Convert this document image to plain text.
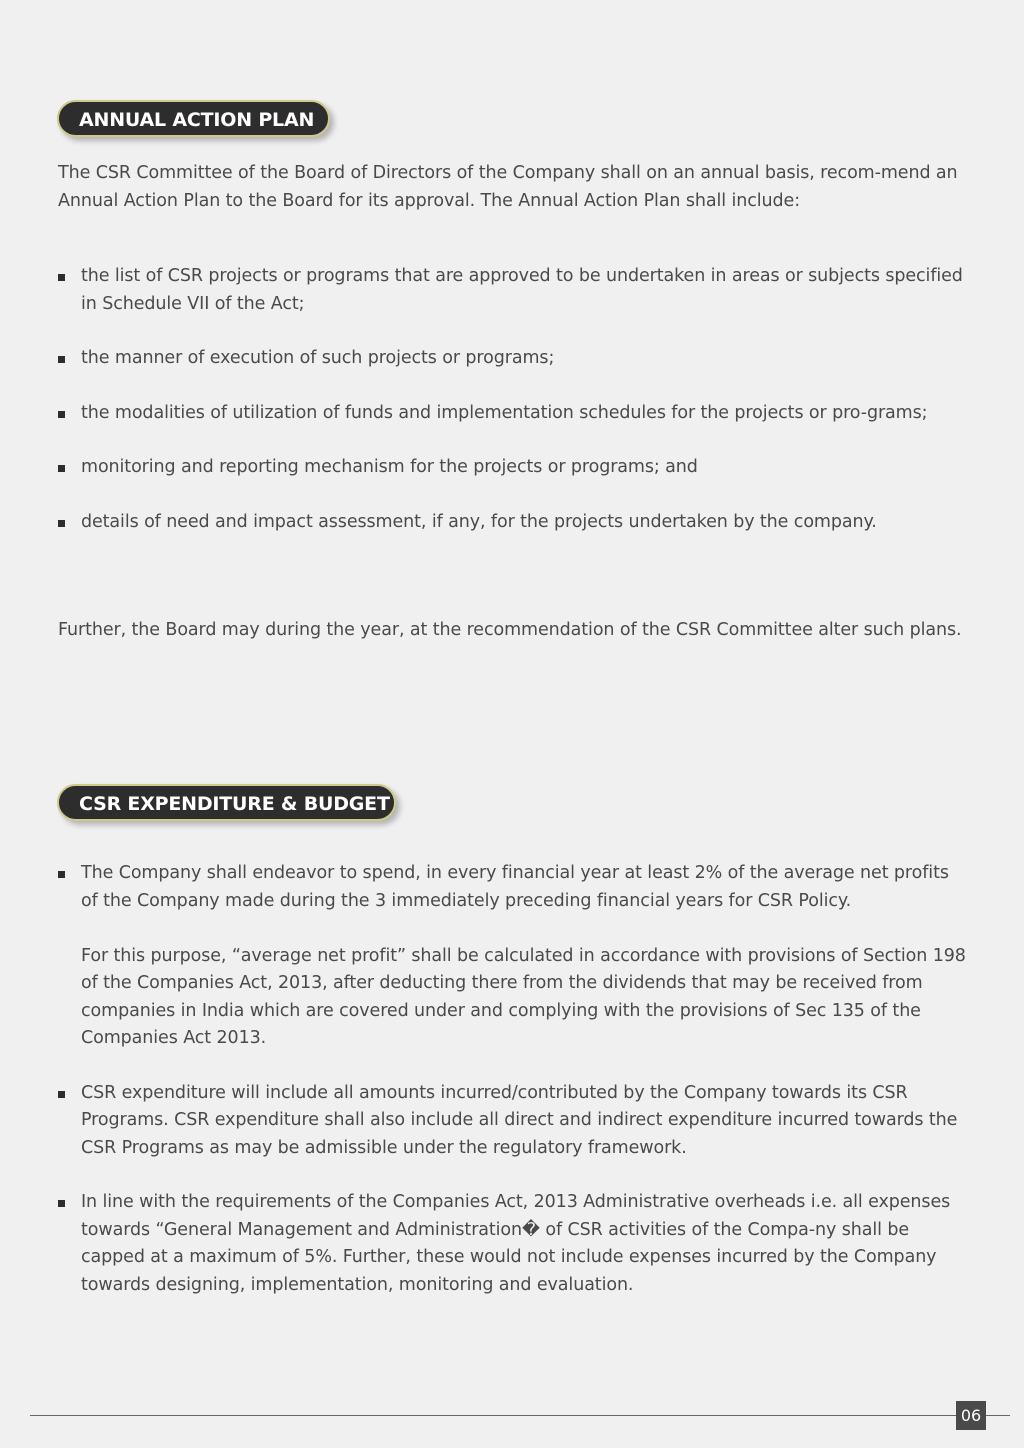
ANNUAL ACTION PLAN

The CSR Committee of the Board of Directors of the Company shall on an annual basis, recom-mend an Annual Action Plan to the Board for its approval. The Annual Action Plan shall include:

the list of CSR projects or programs that are approved to be undertaken in areas or subjects specified in Schedule VII of the Act;
the manner of execution of such projects or programs;
the modalities of utilization of funds and implementation schedules for the projects or pro-grams;
monitoring and reporting mechanism for the projects or programs; and
details of need and impact assessment, if any, for the projects undertaken by the company.

Further, the Board may during the year, at the recommendation of the CSR Committee alter such plans.

CSR EXPENDITURE & BUDGET
The Company shall endeavor to spend, in every financial year at least 2% of the average net profits of the Company made during the 3 immediately preceding financial years for CSR Policy.
For this purpose, “average net profit” shall be calculated in accordance with provisions of Section 198 of the Companies Act, 2013, after deducting there from the dividends that may be received from companies in India which are covered under and complying with the provisions of Sec 135 of the Companies Act 2013.
CSR expenditure will include all amounts incurred/contributed by the Company towards its CSR Programs. CSR expenditure shall also include all direct and indirect expenditure incurred towards the CSR Programs as may be admissible under the regulatory framework.
In line with the requirements of the Companies Act, 2013 Administrative overheads i.e. all expenses towards “General Management and Administration� of CSR activities of the Compa-ny shall be capped at a maximum of 5%. Further, these would not include expenses incurred by the Company towards designing, implementation, monitoring and evaluation.
06
